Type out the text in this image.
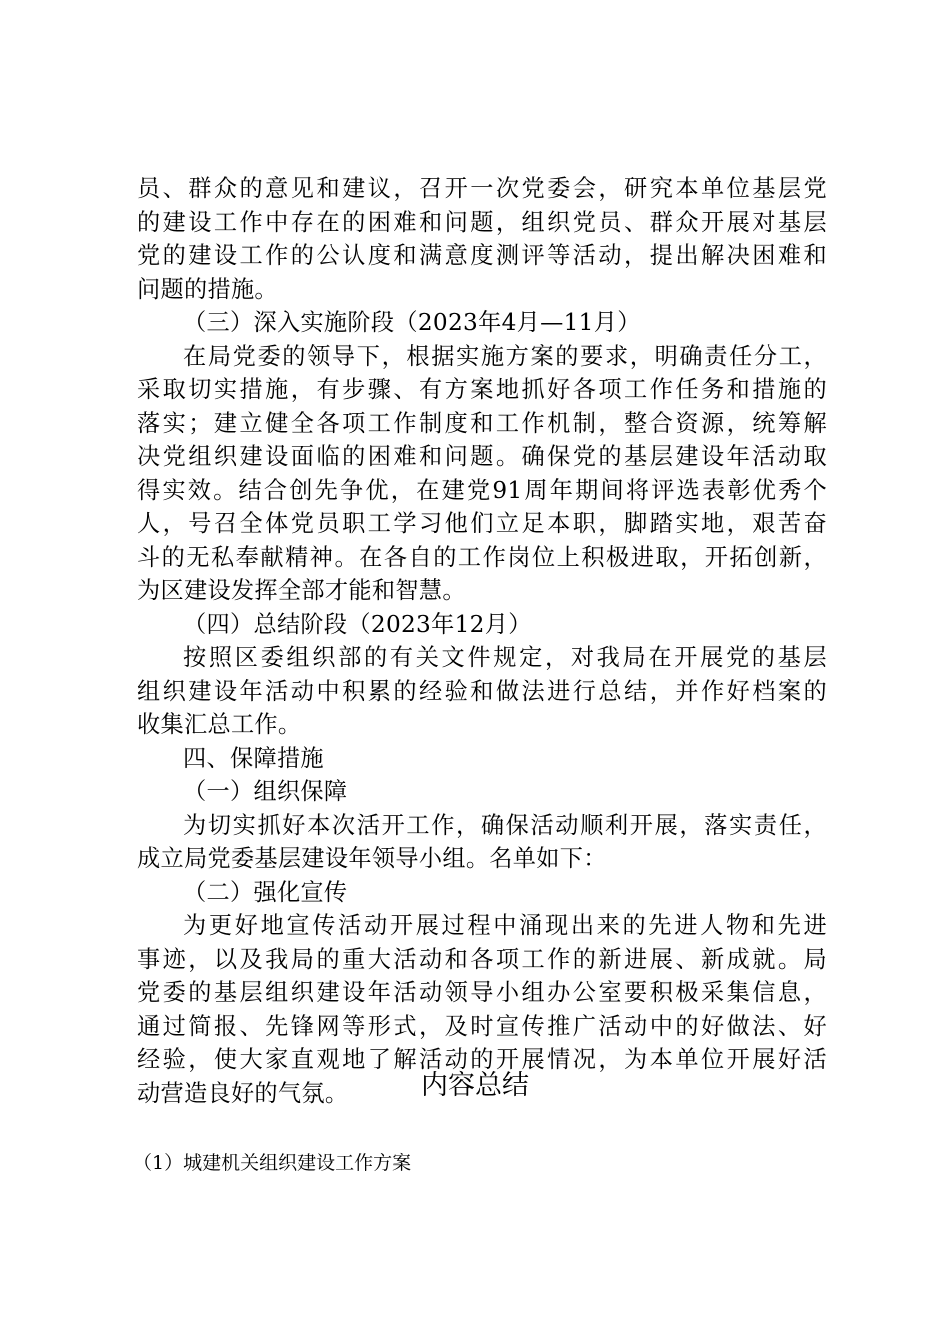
员、群众的意见和建议，召开一次党委会，研究本单位基层党
的建设工作中存在的困难和问题，组织党员、群众开展对基层
党的建设工作的公认度和满意度测评等活动，提出解决困难和
问题的措施。
（三）深入实施阶段（2023年4月—11月）
在局党委的领导下，根据实施方案的要求，明确责任分工，
采取切实措施，有步骤、有方案地抓好各项工作任务和措施的
落实；建立健全各项工作制度和工作机制，整合资源，统筹解
决党组织建设面临的困难和问题。确保党的基层建设年活动取
得实效。结合创先争优，在建党91周年期间将评选表彰优秀个
人，号召全体党员职工学习他们立足本职，脚踏实地，艰苦奋
斗的无私奉献精神。在各自的工作岗位上积极进取，开拓创新，
为区建设发挥全部才能和智慧。
（四）总结阶段（2023年12月）
按照区委组织部的有关文件规定，对我局在开展党的基层
组织建设年活动中积累的经验和做法进行总结，并作好档案的
收集汇总工作。
四、保障措施
（一）组织保障
为切实抓好本次活开工作，确保活动顺利开展，落实责任，
成立局党委基层建设年领导小组。名单如下：
（二）强化宣传
为更好地宣传活动开展过程中涌现出来的先进人物和先进
事迹，以及我局的重大活动和各项工作的新进展、新成就。局
党委的基层组织建设年活动领导小组办公室要积极采集信息，
通过简报、先锋网等形式，及时宣传推广活动中的好做法、好
经验，使大家直观地了解活动的开展情况，为本单位开展好活
动营造良好的气氛。	内容总结
（1）城建机关组织建设工作方案
